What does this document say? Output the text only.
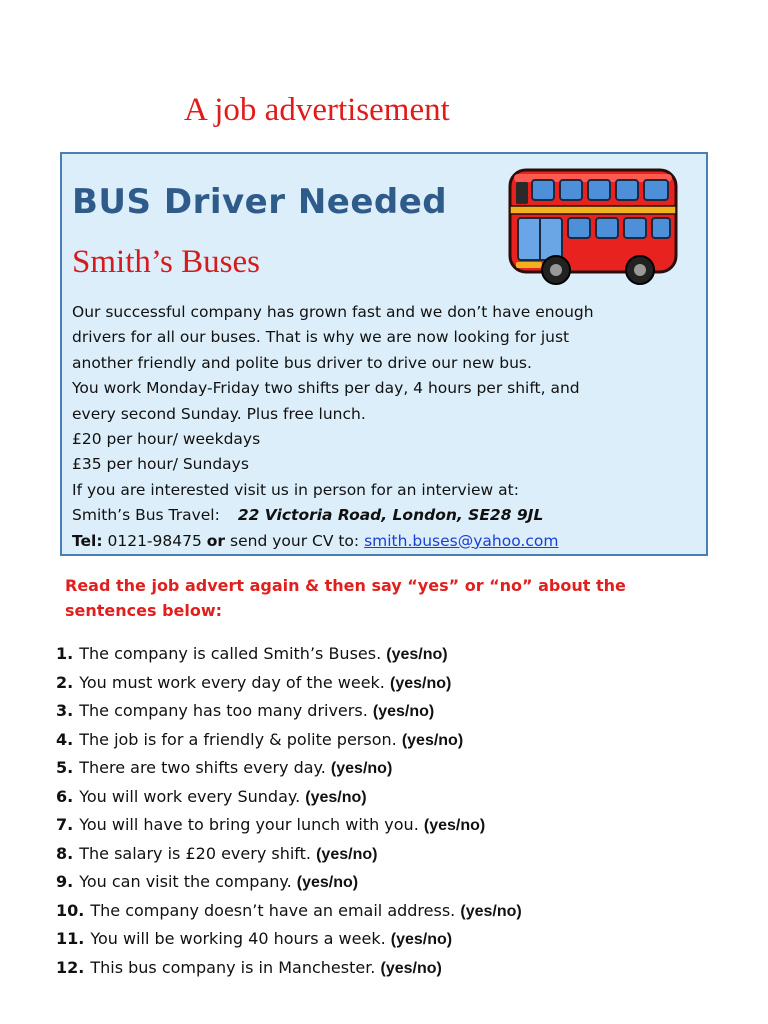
A job advertisement
BUS Driver Needed
Smith’s Buses
Our successful company has grown fast and we don’t have enough
drivers for all our buses. That is why we are now looking for just
another friendly and polite bus driver to drive our new bus.
You work Monday-Friday two shifts per day, 4 hours per shift, and
every second Sunday. Plus free lunch.
£20 per hour/ weekdays
£35 per hour/ Sundays
If you are interested visit us in person for an interview at:
Smith’s Bus Travel: 22 Victoria Road, London, SE28 9JL
Tel: 0121-98475 or send your CV to: smith.buses@yahoo.com

Read the job advert again & then say “yes” or “no” about the sentences below:

1. The company is called Smith’s Buses. (yes/no)
2. You must work every day of the week. (yes/no)
3. The company has too many drivers. (yes/no)
4. The job is for a friendly & polite person. (yes/no)
5. There are two shifts every day. (yes/no)
6. You will work every Sunday. (yes/no)
7. You will have to bring your lunch with you. (yes/no)
8. The salary is £20 every shift. (yes/no)
9. You can visit the company. (yes/no)
10. The company doesn’t have an email address. (yes/no)
11. You will be working 40 hours a week. (yes/no)
12. This bus company is in Manchester. (yes/no)
